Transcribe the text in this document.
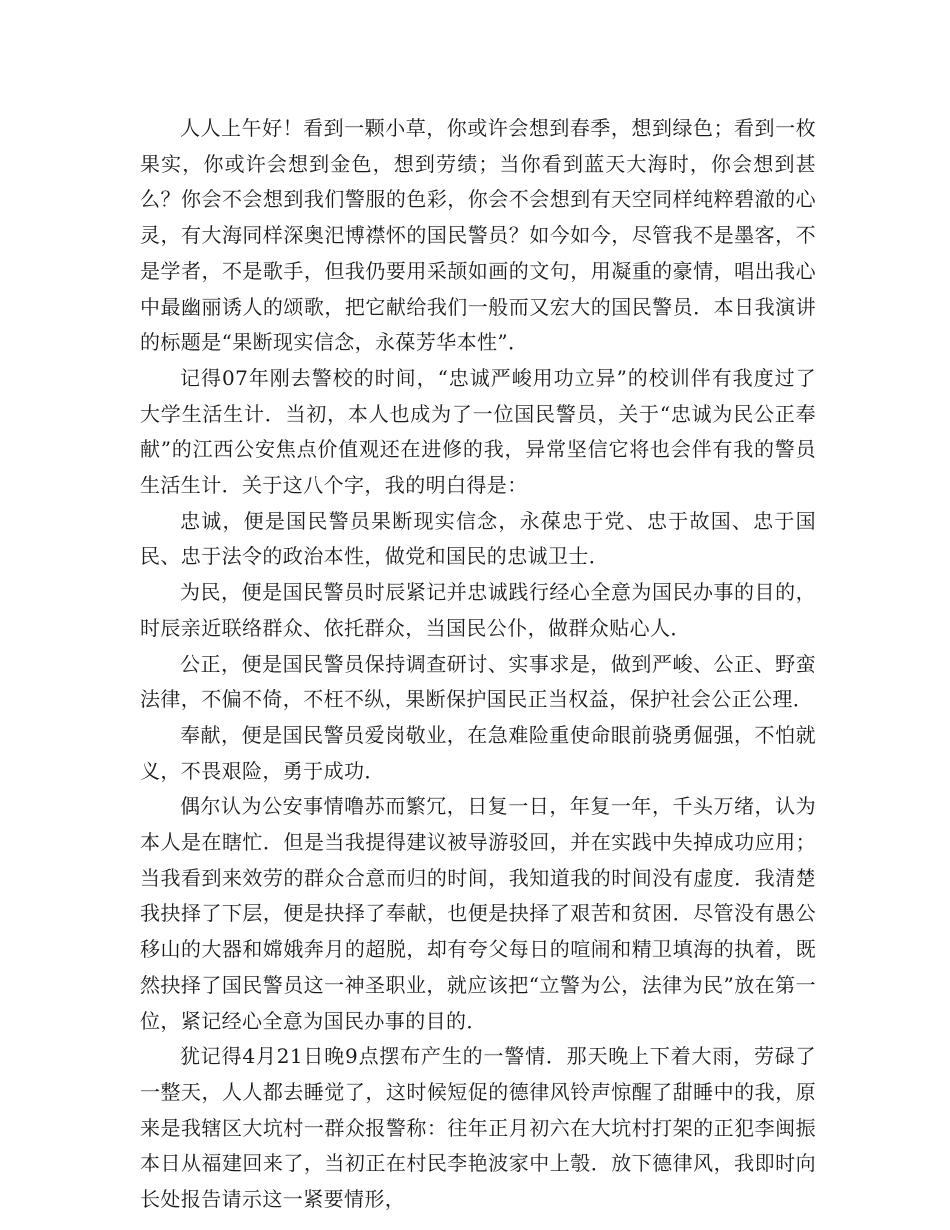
人人上午好！看到一颗小草，你或许会想到春季，想到绿色；看到一枚果实，你或许会想到金色，想到劳绩；当你看到蓝天大海时，你会想到甚么？你会不会想到我们警服的色彩，你会不会想到有天空同样纯粹碧澈的心灵，有大海同样深奥汜博襟怀的国民警员？如今如今，尽管我不是墨客，不是学者，不是歌手，但我仍要用采颉如画的文句，用凝重的豪情，唱出我心中最幽丽诱人的颂歌，把它献给我们一般而又宏大的国民警员．本日我演讲的标题是“果断现实信念，永葆芳华本性”．

记得07年刚去警校的时间，“忠诚严峻用功立异”的校训伴有我度过了大学生活生计．当初，本人也成为了一位国民警员，关于“忠诚为民公正奉献”的江西公安焦点价值观还在进修的我，异常坚信它将也会伴有我的警员生活生计．关于这八个字，我的明白得是：

忠诚，便是国民警员果断现实信念，永葆忠于党、忠于故国、忠于国民、忠于法令的政治本性，做党和国民的忠诚卫士．

为民，便是国民警员时辰紧记并忠诚践行经心全意为国民办事的目的，时辰亲近联络群众、依托群众，当国民公仆，做群众贴心人．

公正，便是国民警员保持调查研讨、实事求是，做到严峻、公正、野蛮法律，不偏不倚，不枉不纵，果断保护国民正当权益，保护社会公正公理．

奉献，便是国民警员爱岗敬业，在急难险重使命眼前骁勇倔强，不怕就义，不畏艰险，勇于成功．

偶尔认为公安事情噜苏而繁冗，日复一日，年复一年，千头万绪，认为本人是在瞎忙．但是当我提得建议被导游驳回，并在实践中失掉成功应用；当我看到来效劳的群众合意而归的时间，我知道我的时间没有虚度．我清楚我抉择了下层，便是抉择了奉献，也便是抉择了艰苦和贫困．尽管没有愚公移山的大器和嫦娥奔月的超脱，却有夸父每日的喧闹和精卫填海的执着，既然抉择了国民警员这一神圣职业，就应该把“立警为公，法律为民”放在第一位，紧记经心全意为国民办事的目的．

犹记得4月21日晚9点摆布产生的一警情．那天晚上下着大雨，劳碌了一整天，人人都去睡觉了，这时候短促的德律风铃声惊醒了甜睡中的我，原来是我辖区大坑村一群众报警称：往年正月初六在大坑村打架的正犯李闽振本日从福建回来了，当初正在村民李艳波家中上彀．放下德律风，我即时向长处报告请示这一紧要情形，
